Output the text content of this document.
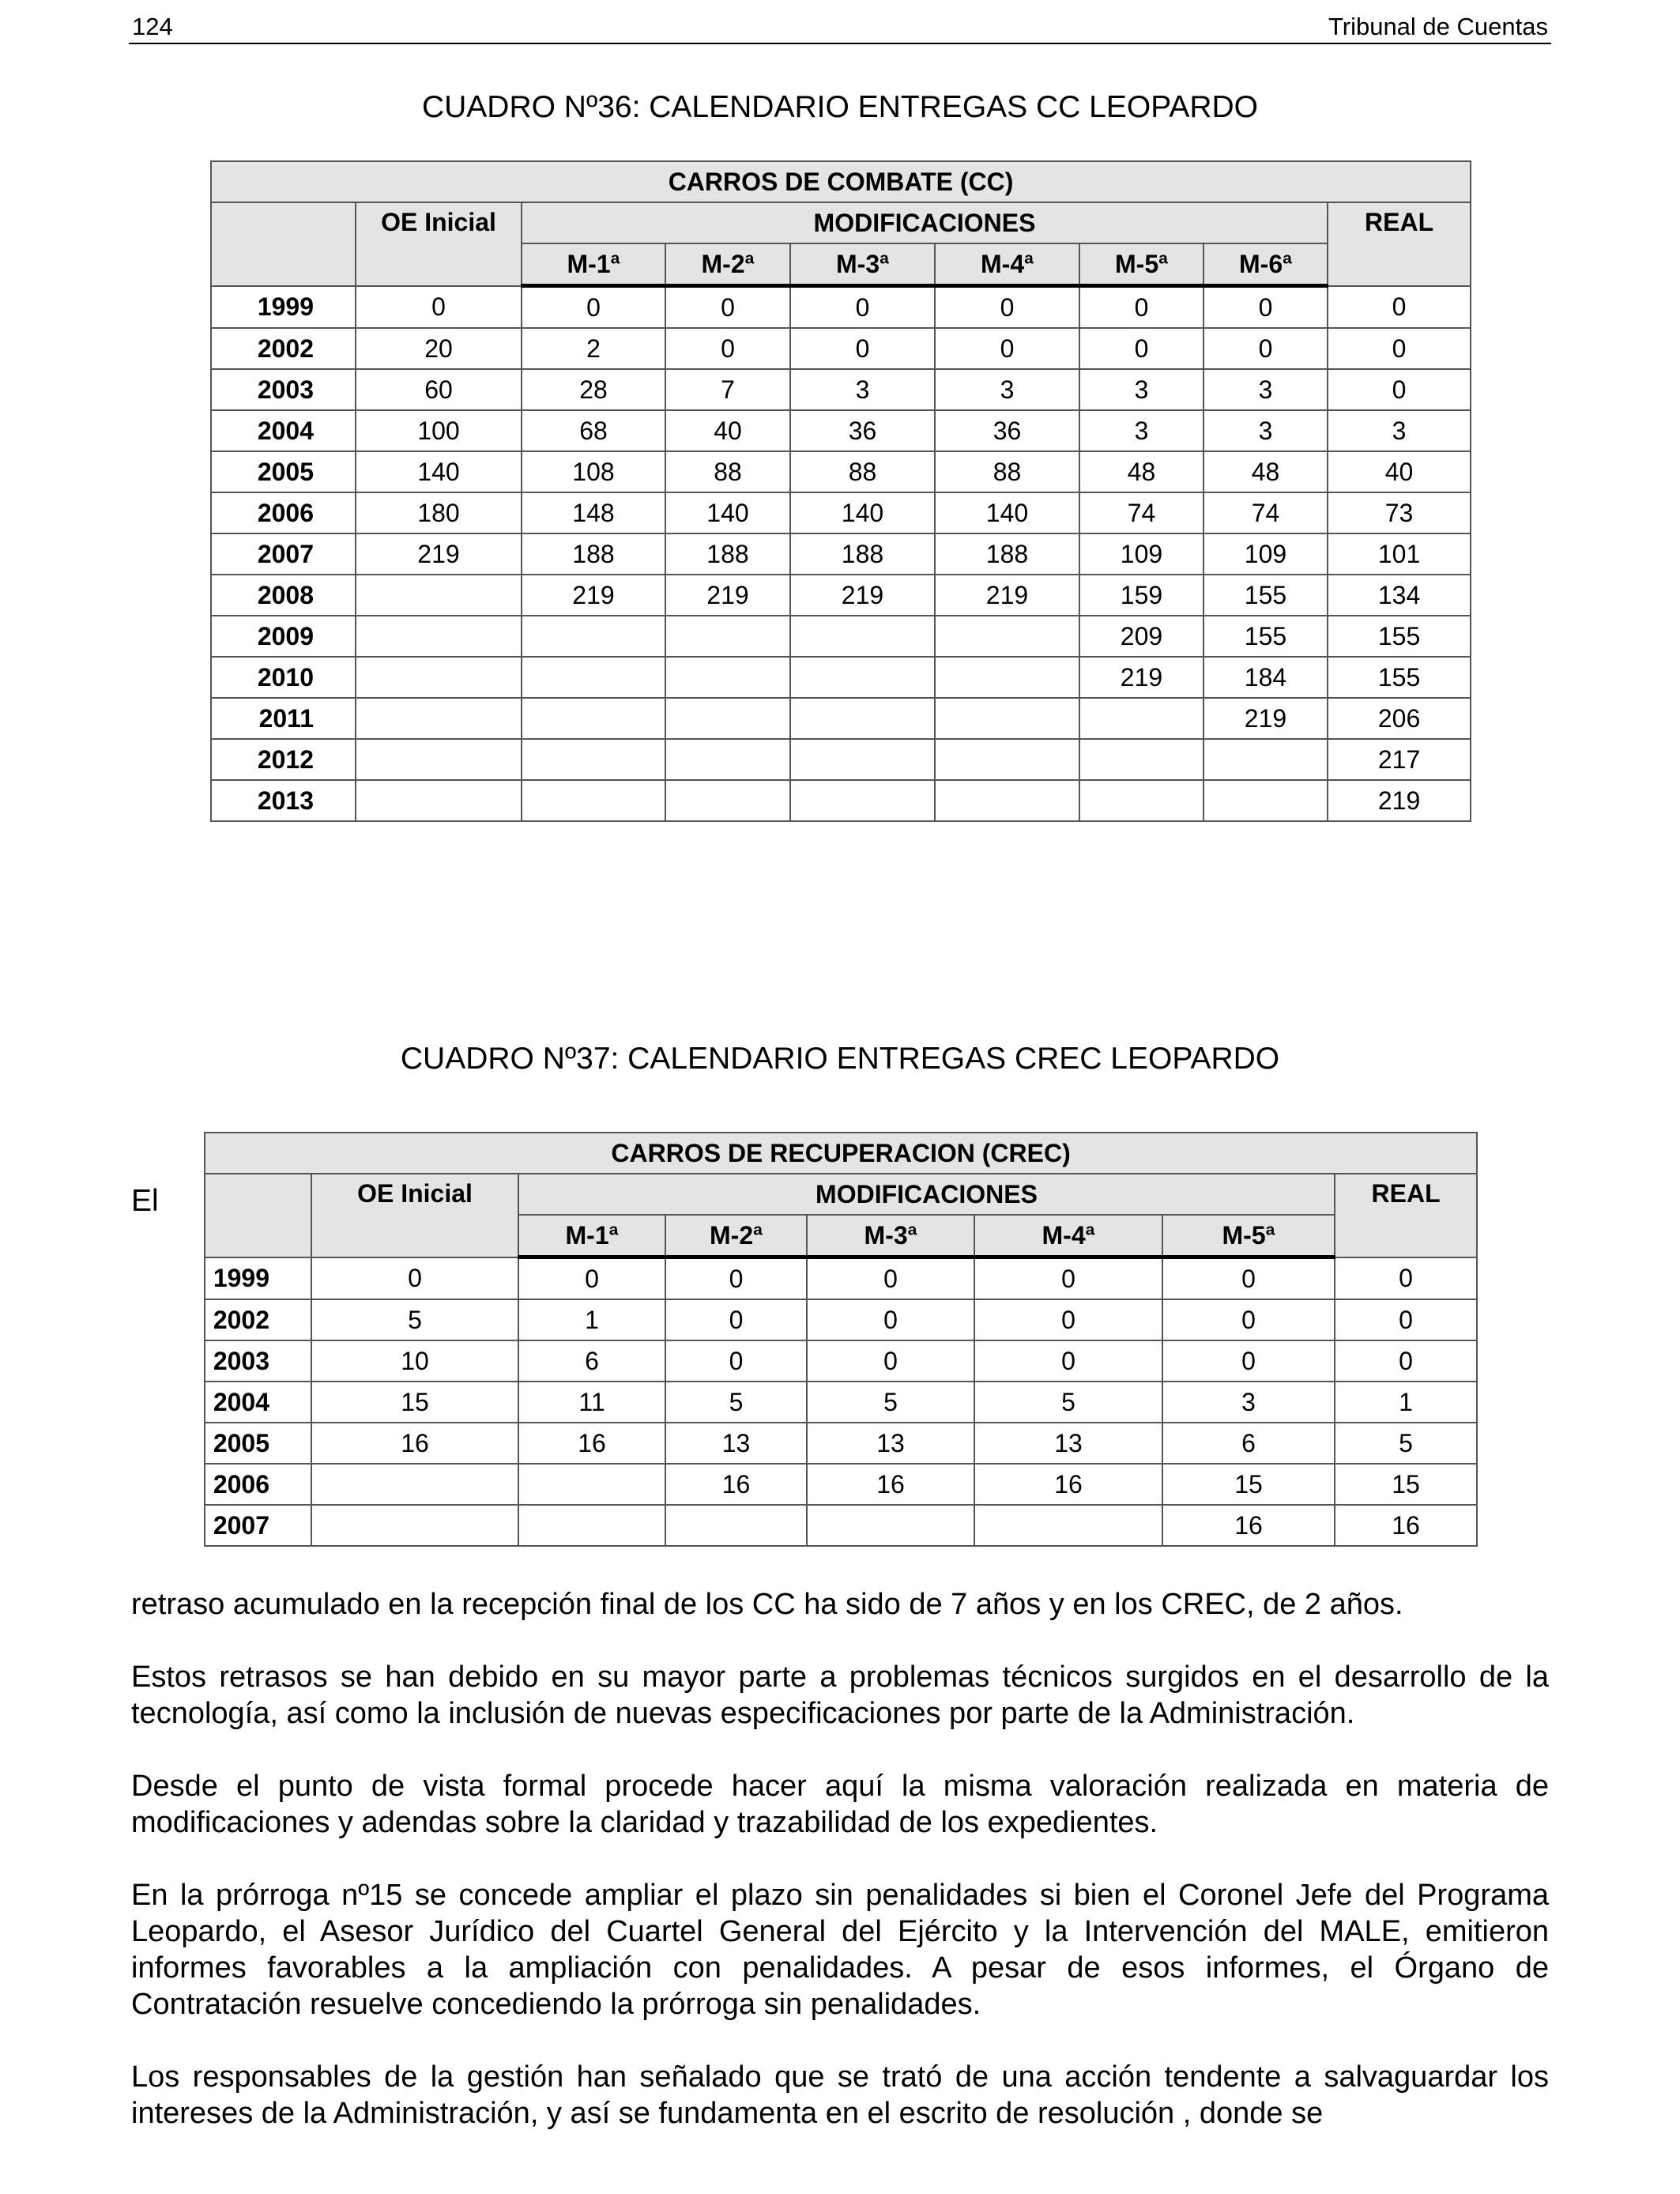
124	Tribunal de Cuentas
CUADRO Nº36: CALENDARIO ENTREGAS CC LEOPARDO
CARROS DE COMBATE (CC)								
	OE Inicial	MODIFICACIONES						REAL
		M-1ª	M-2ª	M-3ª	M-4ª	M-5ª	M-6ª	
1999	0	0	0	0	0	0	0	0
2002	20	2	0	0	0	0	0	0
2003	60	28	7	3	3	3	3	0
2004	100	68	40	36	36	3	3	3
2005	140	108	88	88	88	48	48	40
2006	180	148	140	140	140	74	74	73
2007	219	188	188	188	188	109	109	101
2008		219	219	219	219	159	155	134
2009						209	155	155
2010						219	184	155
2011							219	206
2012								217
2013								219
CUADRO Nº37: CALENDARIO ENTREGAS CREC LEOPARDO
El
CARROS DE RECUPERACION (CREC)							
	OE Inicial	MODIFICACIONES					REAL
		M-1ª	M-2ª	M-3ª	M-4ª	M-5ª	
1999	0	0	0	0	0	0	0
2002	5	1	0	0	0	0	0
2003	10	6	0	0	0	0	0
2004	15	11	5	5	5	3	1
2005	16	16	13	13	13	6	5
2006			16	16	16	15	15
2007						16	16

retraso acumulado en la recepción final de los CC ha sido de 7 años y en los CREC, de 2 años.

Estos retrasos se han debido en su mayor parte a problemas técnicos surgidos en el desarrollo de la tecnología, así como la inclusión de nuevas especificaciones por parte de la Administración.

Desde el punto de vista formal procede hacer aquí la misma valoración realizada en materia de modificaciones y adendas sobre la claridad y trazabilidad de los expedientes.

En la prórroga nº15 se concede ampliar el plazo sin penalidades si bien el Coronel Jefe del Programa Leopardo, el Asesor Jurídico del Cuartel General del Ejército y la Intervención del MALE, emitieron informes favorables a la ampliación con penalidades. A pesar de esos informes, el Órgano de Contratación resuelve concediendo la prórroga sin penalidades.

Los responsables de la gestión han señalado que se trató de una acción tendente a salvaguardar los intereses de la Administración, y así se fundamenta en el escrito de resolución , donde se
